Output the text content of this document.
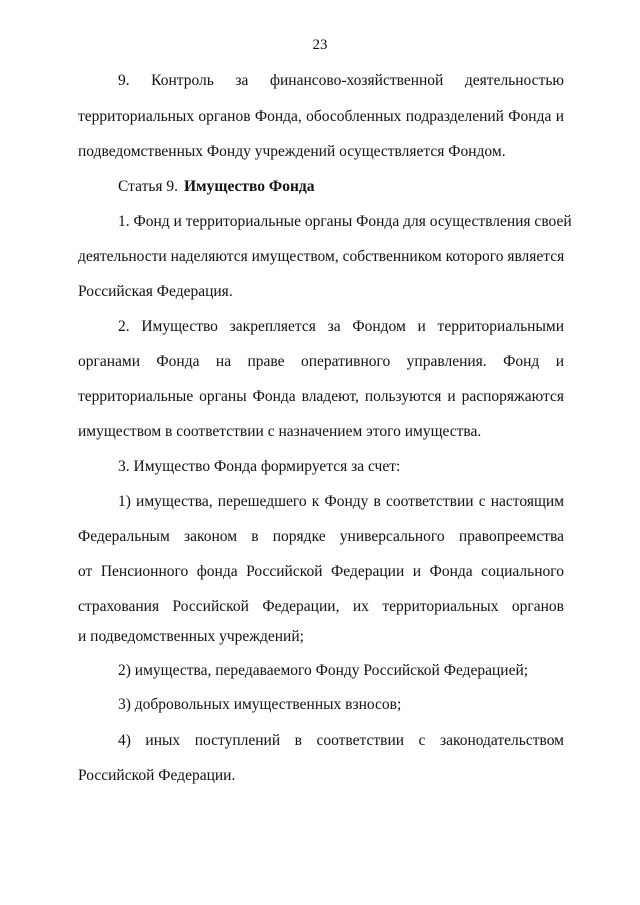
23
9. Контроль за финансово-хозяйственной деятельностью
территориальных органов Фонда, обособленных подразделений Фонда и
подведомственных Фонду учреждений осуществляется Фондом.
Статья 9. Имущество Фонда
1. Фонд и территориальные органы Фонда для осуществления своей
деятельности наделяются имуществом, собственником которого является
Российская Федерация.
2. Имущество закрепляется за Фондом и территориальными
органами Фонда на праве оперативного управления. Фонд и
территориальные органы Фонда владеют, пользуются и распоряжаются
имуществом в соответствии с назначением этого имущества.
3. Имущество Фонда формируется за счет:
1) имущества, перешедшего к Фонду в соответствии с настоящим
Федеральным законом в порядке универсального правопреемства
от Пенсионного фонда Российской Федерации и Фонда социального
страхования Российской Федерации, их территориальных органов
и подведомственных учреждений;
2) имущества, передаваемого Фонду Российской Федерацией;
3) добровольных имущественных взносов;
4) иных поступлений в соответствии с законодательством
Российской Федерации.
